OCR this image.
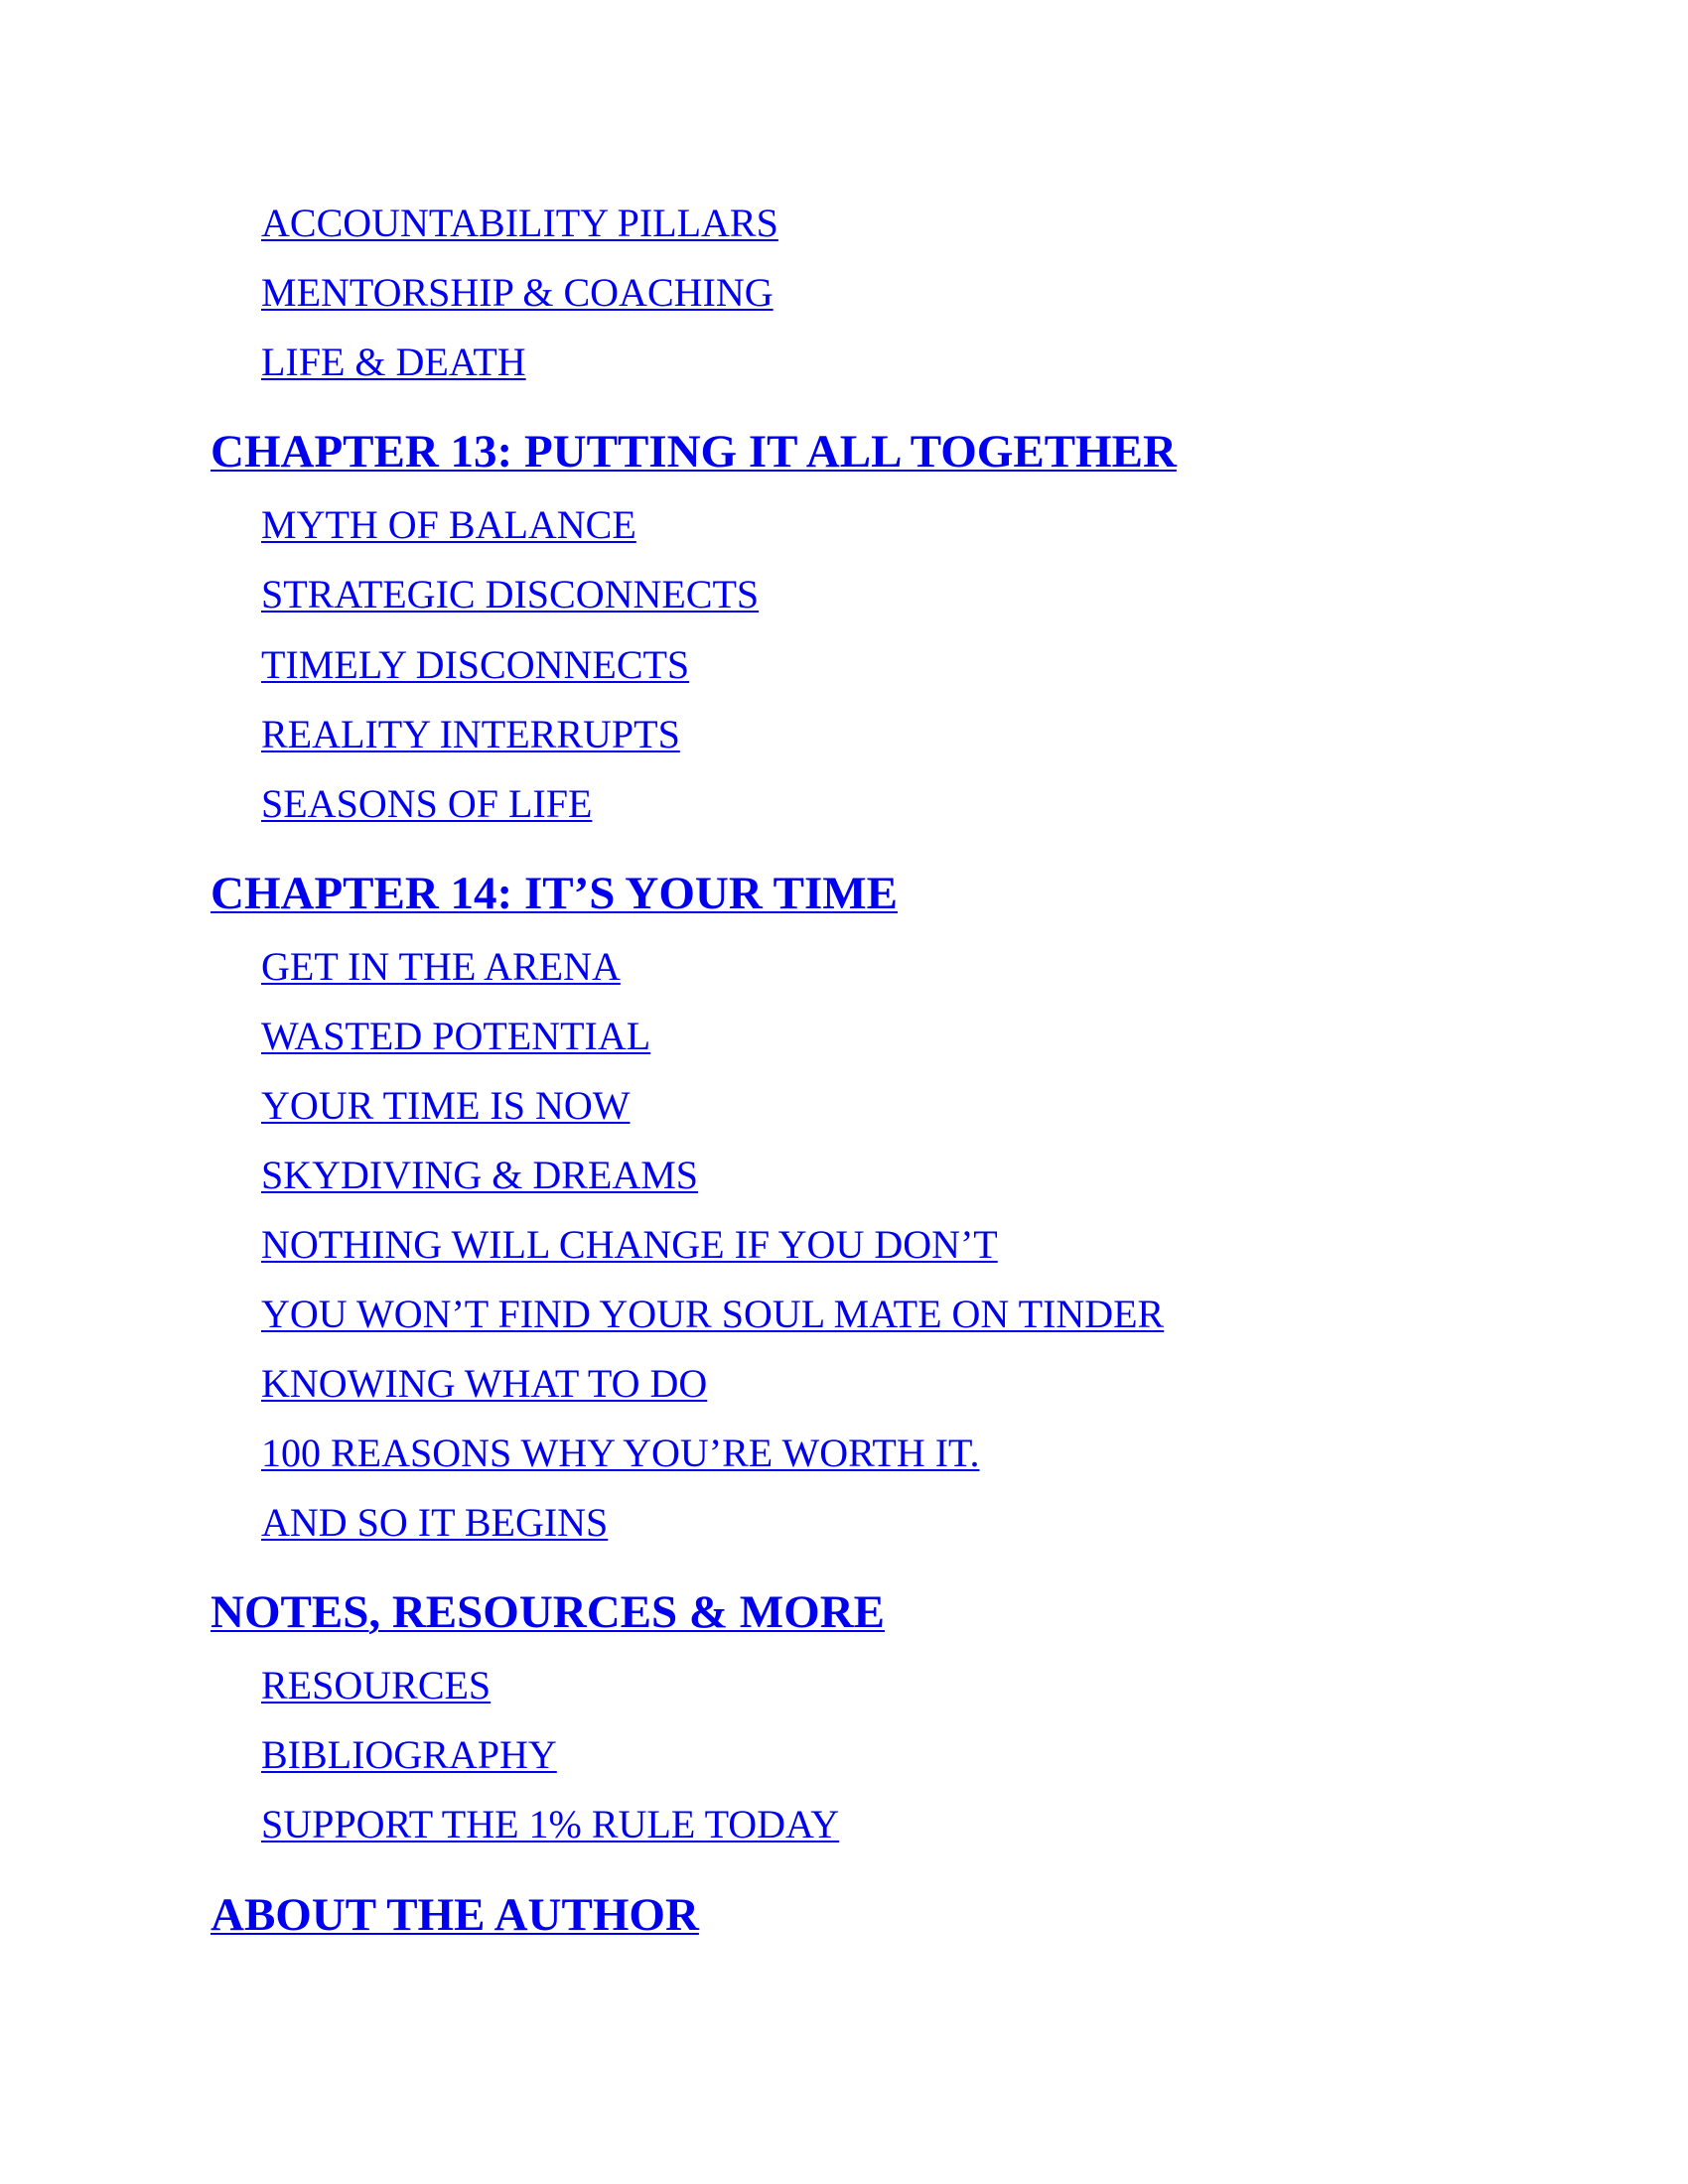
ACCOUNTABILITY PILLARS
MENTORSHIP & COACHING
LIFE & DEATH
CHAPTER 13: PUTTING IT ALL TOGETHER
MYTH OF BALANCE
STRATEGIC DISCONNECTS
TIMELY DISCONNECTS
REALITY INTERRUPTS
SEASONS OF LIFE
CHAPTER 14: IT’S YOUR TIME
GET IN THE ARENA
WASTED POTENTIAL
YOUR TIME IS NOW
SKYDIVING & DREAMS
NOTHING WILL CHANGE IF YOU DON’T
YOU WON’T FIND YOUR SOUL MATE ON TINDER
KNOWING WHAT TO DO
100 REASONS WHY YOU’RE WORTH IT.
AND SO IT BEGINS
NOTES, RESOURCES & MORE
RESOURCES
BIBLIOGRAPHY
SUPPORT THE 1% RULE TODAY
ABOUT THE AUTHOR
